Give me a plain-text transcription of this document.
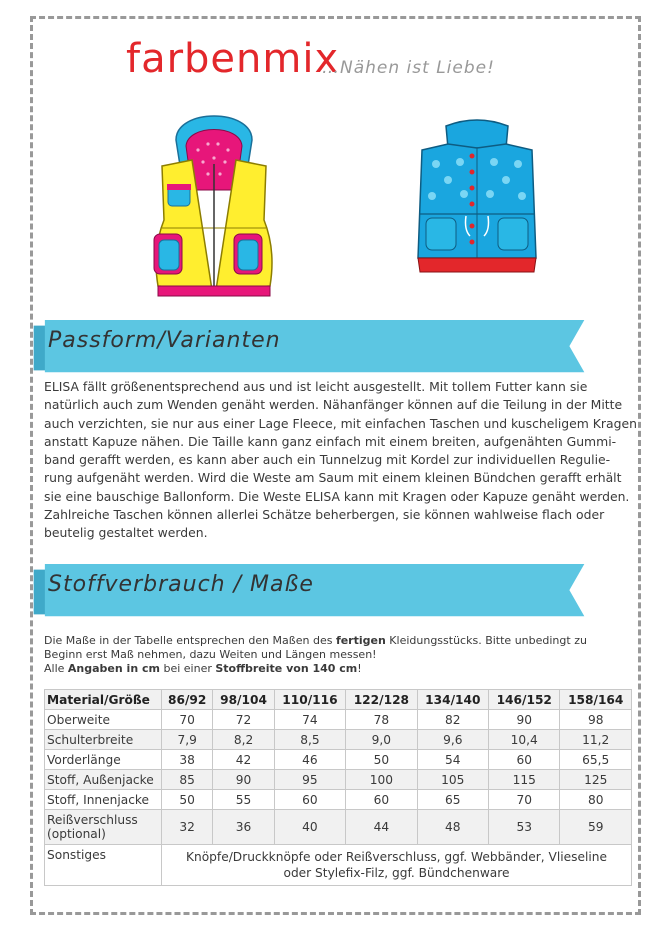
farbenmix
…Nähen ist Liebe!
Passform/Varianten
ELISA fällt größenentsprechend aus und ist leicht ausgestellt. Mit tollem Futter kann sie
natürlich auch zum Wenden genäht werden. Nähanfänger können auf die Teilung in der Mitte
auch verzichten, sie nur aus einer Lage Fleece, mit einfachen Taschen und kuscheligem Kragen
anstatt Kapuze nähen. Die Taille kann ganz einfach mit einem breiten, aufgenähten Gummi-
band gerafft werden, es kann aber auch ein Tunnelzug mit Kordel zur individuellen Regulie-
rung aufgenäht werden. Wird die Weste am Saum mit einem kleinen Bündchen gerafft erhält
sie eine bauschige Ballonform. Die Weste ELISA kann mit Kragen oder Kapuze genäht werden.
Zahlreiche Taschen können allerlei Schätze beherbergen, sie können wahlweise flach oder
beutelig gestaltet werden.
Stoffverbrauch / Maße
Die Maße in der Tabelle entsprechen den Maßen des fertigen Kleidungsstücks. Bitte unbedingt zu
Beginn erst Maß nehmen, dazu Weiten und Längen messen!
Alle Angaben in cm bei einer Stoffbreite von 140 cm!
Material/Größe	86/92	98/104	110/116	122/128	134/140	146/152	158/164
Oberweite	70	72	74	78	82	90	98
Schulterbreite	7,9	8,2	8,5	9,0	9,6	10,4	11,2
Vorderlänge	38	42	46	50	54	60	65,5
Stoff, Außenjacke	85	90	95	100	105	115	125
Stoff, Innenjacke	50	55	60	60	65	70	80
Reißverschluss
(optional)	32	36	40	44	48	53	59
Sonstiges	Knöpfe/Druckknöpfe oder Reißverschluss, ggf. Webbänder, Vlieseline
oder Stylefix-Filz, ggf. Bündchenware						
